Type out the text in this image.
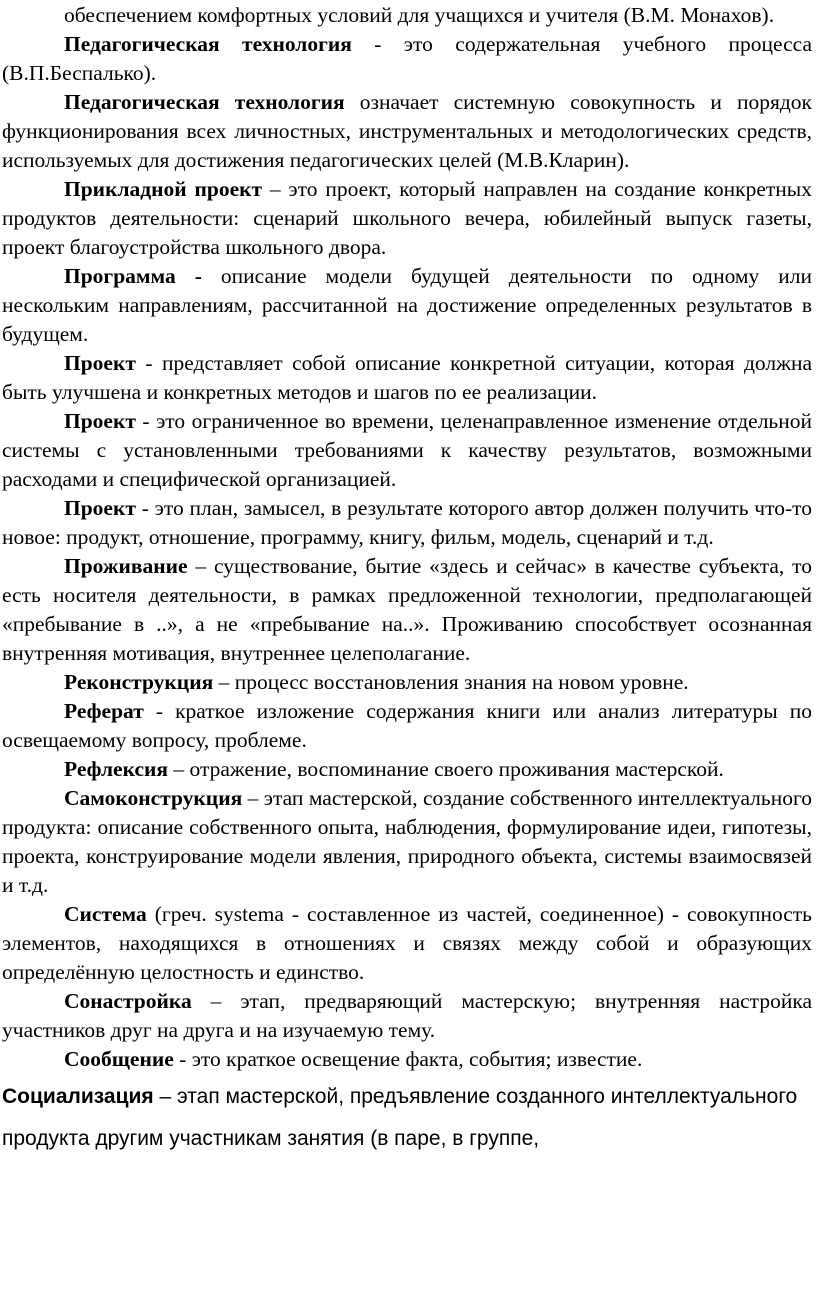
обеспечением комфортных условий для учащихся и учителя (В.М. Монахов).

Педагогическая технология - это содержательная учебного процесса (В.П.Беспалько).

Педагогическая технология означает системную совокупность и порядок функционирования всех личностных, инструментальных и методологических средств, используемых для достижения педагогических целей (М.В.Кларин).

Прикладной проект – это проект, который направлен на создание конкретных продуктов деятельности: сценарий школьного вечера, юбилейный выпуск газеты, проект благоустройства школьного двора.

Программа - описание модели будущей деятельности по одному или нескольким направлениям, рассчитанной на достижение определенных результатов в будущем.

Проект - представляет собой описание конкретной ситуации, которая должна быть улучшена и конкретных методов и шагов по ее реализации.

Проект - это ограниченное во времени, целенаправленное изменение отдельной системы с установленными требованиями к качеству результатов, возможными расходами и специфической организацией.

Проект - это план, замысел, в результате которого автор должен получить что-то новое: продукт, отношение, программу, книгу, фильм, модель, сценарий и т.д.

Проживание – существование, бытие «здесь и сейчас» в качестве субъекта, то есть носителя деятельности, в рамках предложенной технологии, предполагающей «пребывание в ..», а не «пребывание на..». Проживанию способствует осознанная внутренняя мотивация, внутреннее целеполагание.

Реконструкция – процесс восстановления знания на новом уровне.

Реферат - краткое изложение содержания книги или анализ литературы по освещаемому вопросу, проблеме.

Рефлексия – отражение, воспоминание своего проживания мастерской.

Самоконструкция – этап мастерской, создание собственного интеллектуального продукта: описание собственного опыта, наблюдения, формулирование идеи, гипотезы, проекта, конструирование модели явления, природного объекта, системы взаимосвязей и т.д.

Система (греч. systema - составленное из частей, соединенное) - совокупность элементов, находящихся в отношениях и связях между собой и образующих определённую целостность и единство.

Сонастройка – этап, предваряющий мастерскую; внутренняя настройка участников друг на друга и на изучаемую тему.

Сообщение - это краткое освещение факта, события; известие.

Социализация – этап мастерской, предъявление созданного интеллектуального продукта другим участникам занятия (в паре, в группе,
